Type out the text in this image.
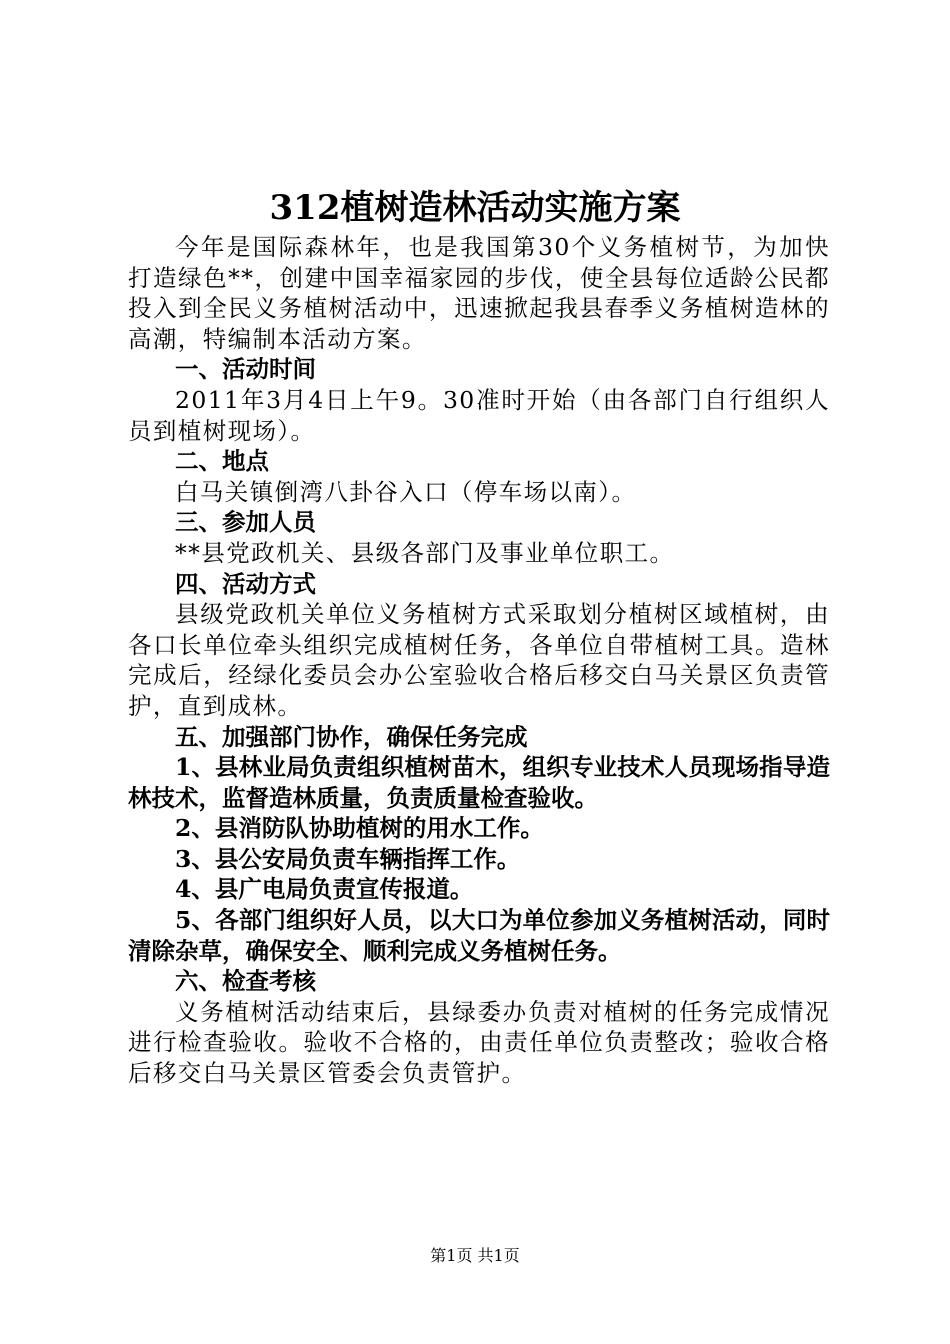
312植树造林活动实施方案

今年是国际森林年，也是我国第30个义务植树节，为加快打造绿色**，创建中国幸福家园的步伐，使全县每位适龄公民都投入到全民义务植树活动中，迅速掀起我县春季义务植树造林的高潮，特编制本活动方案。

一、活动时间

2011年3月4日上午9。30准时开始（由各部门自行组织人员到植树现场）。

二、地点

白马关镇倒湾八卦谷入口（停车场以南）。

三、参加人员

**县党政机关、县级各部门及事业单位职工。

四、活动方式

县级党政机关单位义务植树方式采取划分植树区域植树，由各口长单位牵头组织完成植树任务，各单位自带植树工具。造林完成后，经绿化委员会办公室验收合格后移交白马关景区负责管护，直到成林。

五、加强部门协作，确保任务完成

1、县林业局负责组织植树苗木，组织专业技术人员现场指导造林技术，监督造林质量，负责质量检查验收。

2、县消防队协助植树的用水工作。

3、县公安局负责车辆指挥工作。

4、县广电局负责宣传报道。

5、各部门组织好人员，以大口为单位参加义务植树活动，同时清除杂草，确保安全、顺利完成义务植树任务。

六、检查考核

义务植树活动结束后，县绿委办负责对植树的任务完成情况进行检查验收。验收不合格的，由责任单位负责整改；验收合格后移交白马关景区管委会负责管护。

第1页 共1页
